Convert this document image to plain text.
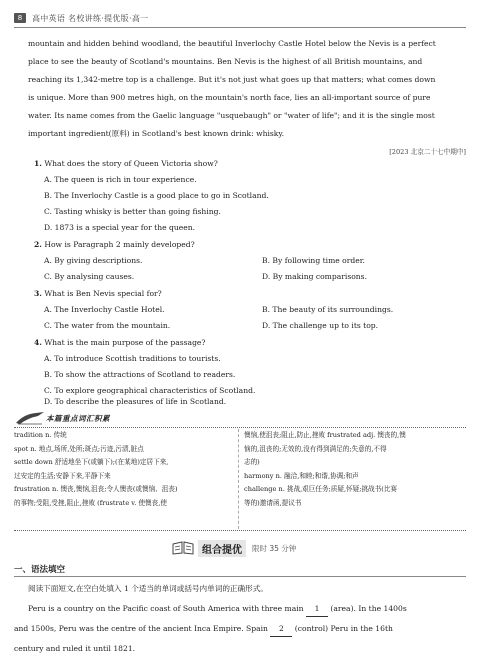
8	高中英语 名校讲练·提优版·高一
mountain and hidden behind woodland, the beautiful Inverlochy Castle Hotel below the Nevis is a perfect
place to see the beauty of Scotland's mountains. Ben Nevis is the highest of all British mountains, and
reaching its 1,342-metre top is a challenge. But it's not just what goes up that matters; what comes down
is unique. More than 900 metres high, on the mountain's north face, lies an all-important source of pure
water. Its name comes from the Gaelic language "usquebaugh" or "water of life"; and it is the single most
important ingredient(原料) in Scotland's best known drink: whisky.
[2023 北京二十七中期中]
1. What does the story of Queen Victoria show?
A. The queen is rich in tour experience.
B. The Inverlochy Castle is a good place to go in Scotland.
C. Tasting whisky is better than going fishing.
D. 1873 is a special year for the queen.
2. How is Paragraph 2 mainly developed?
A. By giving descriptions.	B. By following time order.
C. By analysing causes.	D. By making comparisons.
3. What is Ben Nevis special for?
A. The Inverlochy Castle Hotel.	B. The beauty of its surroundings.
C. The water from the mountain.	D. The challenge up to its top.
4. What is the main purpose of the passage?
A. To introduce Scottish traditions to tourists.
B. To show the attractions of Scotland to readers.
C. To explore geographical characteristics of Scotland.
本篇重点词汇积累
tradition n. 传统
spot n. 地点,场所,处所;斑点;污迹,污渍,脏点
settle down 舒适地坐下(或躺下);(在某地)定居下来,
过安定的生活;安静下来,平静下来
frustration n. 懊丧,懊恼,沮丧;令人懊丧(或懊恼、沮丧)
的事物;受阻,受挫,阻止,挫败 (frustrate v. 使懊丧,使
懊恼,使沮丧;阻止,防止,挫败 frustrated adj. 懊丧的,懊
恼的,沮丧的;无效的,没有得到满足的;失意的,不得
志的)
harmony n. 融洽,和睦;和谐,协调;和声
challenge n. 挑战,艰巨任务;质疑,怀疑;挑战书(比赛
等的)邀请函,提议书
组合提优	限时 35 分钟
一、语法填空
阅读下面短文,在空白处填入 1 个适当的单词或括号内单词的正确形式。
Peru is a country on the Pacific coast of South America with three main 1 (area). In the 1400s
and 1500s, Peru was the centre of the ancient Inca Empire. Spain 2 (control) Peru in the 16th
century and ruled it until 1821.
D. To describe the pleasures of life in Scotland.
